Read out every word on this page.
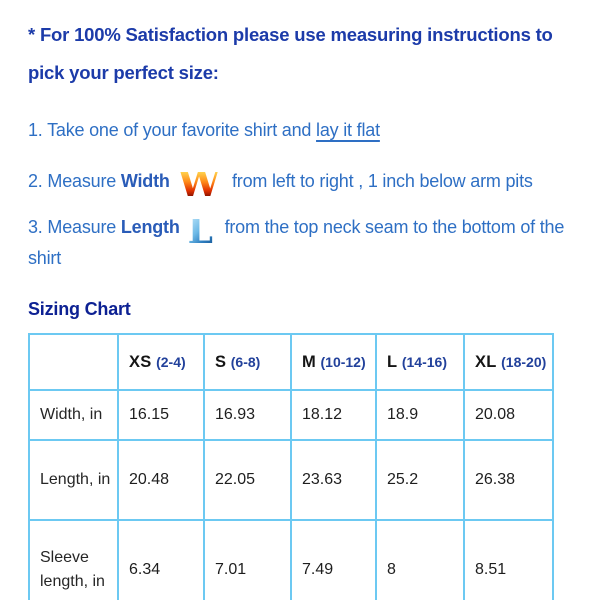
* For 100% Satisfaction please use measuring instructions to pick your perfect size:
1. Take one of your favorite shirt and lay it flat
2. Measure Width W from left to right , 1 inch below arm pits
3. Measure Length L from the top neck seam to the bottom of the shirt
Sizing Chart
	XS (2-4)	S (6-8)	M (10-12)	L (14-16)	XL (18-20)
Width, in	16.15	16.93	18.12	18.9	20.08
Length, in	20.48	22.05	23.63	25.2	26.38
Sleeve length, in	6.34	7.01	7.49	8	8.51
